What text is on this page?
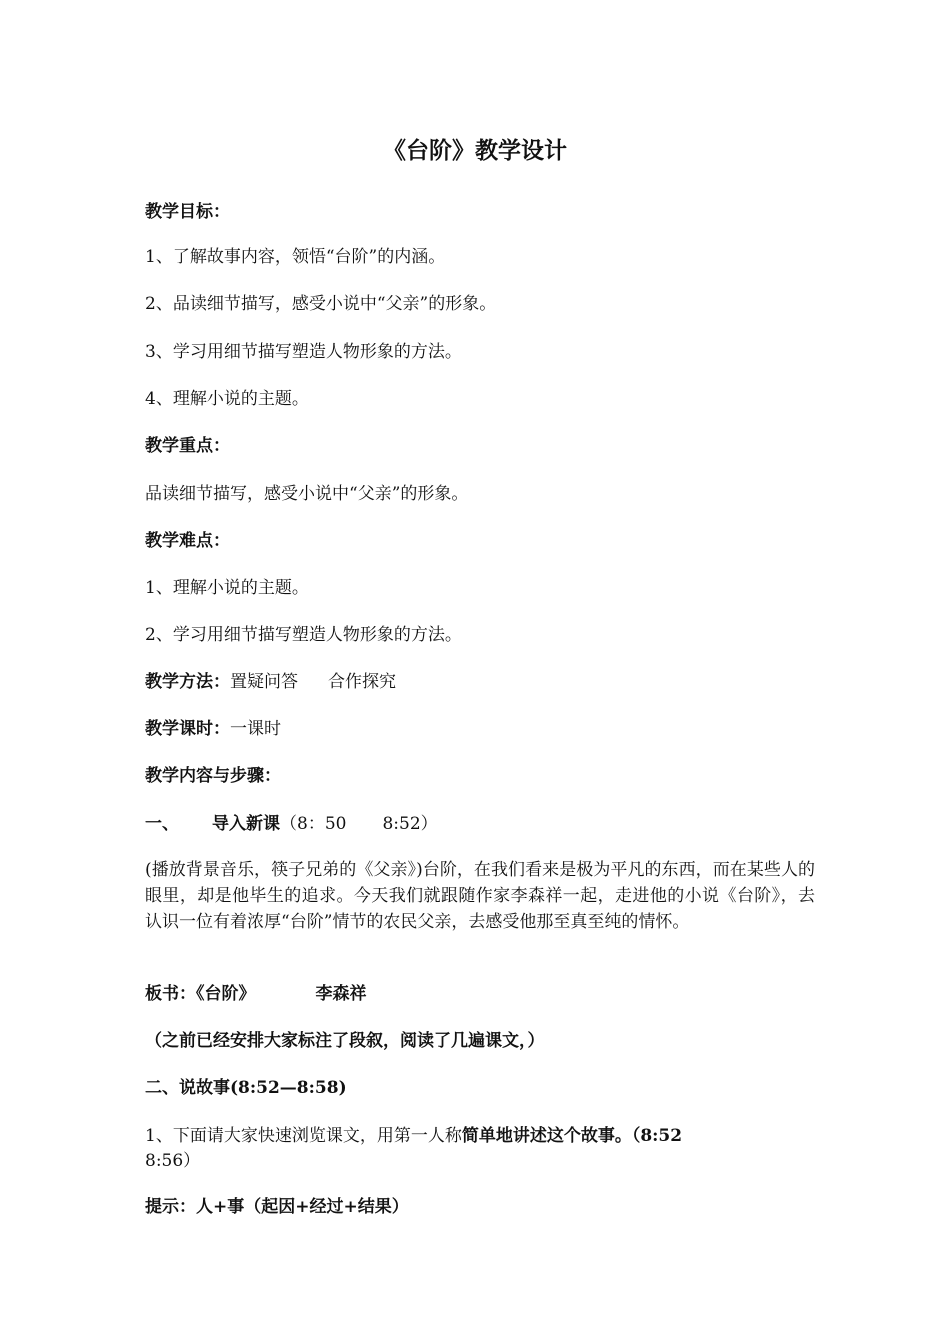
《台阶》教学设计
教学目标：
1、了解故事内容，领悟“台阶”的内涵。
2、品读细节描写，感受小说中“父亲”的形象。
3、学习用细节描写塑造人物形象的方法。
4、理解小说的主题。
教学重点：
品读细节描写，感受小说中“父亲”的形象。
教学难点：
1、理解小说的主题。
2、学习用细节描写塑造人物形象的方法。
教学方法：置疑问答 合作探究
教学课时：一课时
教学内容与步骤：
一、 导入新课（8：50 8:52）
(播放背景音乐，筷子兄弟的《父亲》)台阶，在我们看来是极为平凡的东西，而在某些人的眼里，却是他毕生的追求。今天我们就跟随作家李森祥一起，走进他的小说《台阶》，去认识一位有着浓厚“台阶”情节的农民父亲，去感受他那至真至纯的情怀。
板书：《台阶》	李森祥
（之前已经安排大家标注了段叙，阅读了几遍课文，）
二、说故事(8:52—8:58)
1、下面请大家快速浏览课文，用第一人称简单地讲述这个故事。（8:52
8:56）
提示：人+事（起因+经过+结果）
